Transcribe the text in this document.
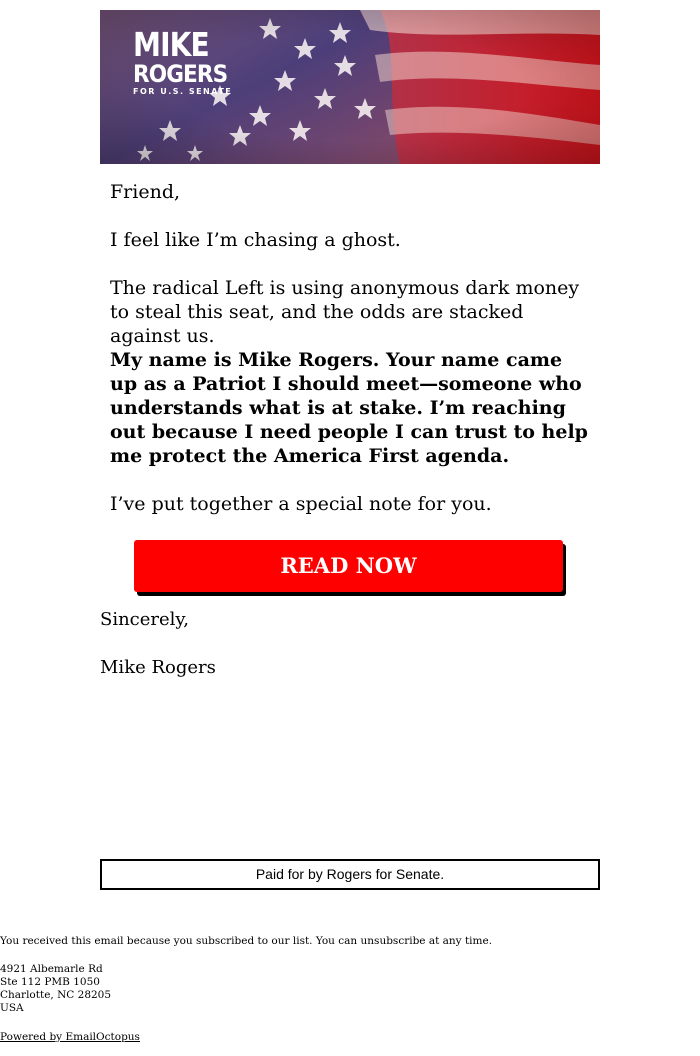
MIKE
ROGERS
FOR U.S. SENATE

Friend,

I feel like I’m chasing a ghost.

The radical Left is using anonymous dark money to steal this seat, and the odds are stacked against us.

My name is Mike Rogers. Your name came up as a Patriot I should meet—someone who understands what is at stake. I’m reaching out because I need people I can trust to help me protect the America First agenda.

I’ve put together a special note for you.

READ NOW

Sincerely,

Mike Rogers

Paid for by Rogers for Senate.

You received this email because you subscribed to our list. You can unsubscribe at any time.

4921 Albemarle Rd
Ste 112 PMB 1050
Charlotte, NC 28205
USA

Powered by EmailOctopus
